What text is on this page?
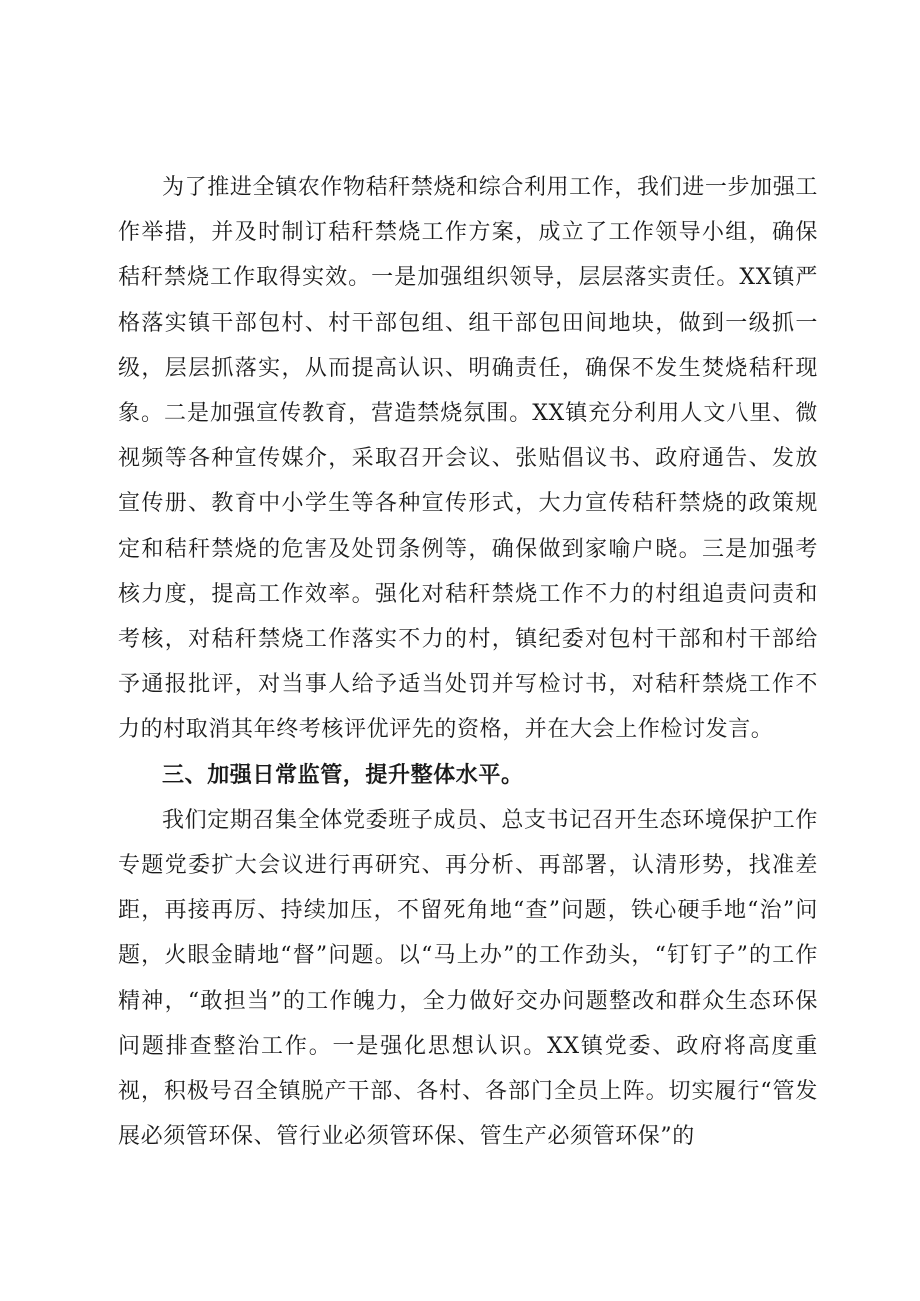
为了推进全镇农作物秸秆禁烧和综合利用工作，我们进一步加强工作举措，并及时制订秸秆禁烧工作方案，成立了工作领导小组，确保秸秆禁烧工作取得实效。一是加强组织领导，层层落实责任。XX镇严格落实镇干部包村、村干部包组、组干部包田间地块，做到一级抓一级，层层抓落实，从而提高认识、明确责任，确保不发生焚烧秸秆现象。二是加强宣传教育，营造禁烧氛围。XX镇充分利用人文八里、微视频等各种宣传媒介，采取召开会议、张贴倡议书、政府通告、发放宣传册、教育中小学生等各种宣传形式，大力宣传秸秆禁烧的政策规定和秸秆禁烧的危害及处罚条例等，确保做到家喻户晓。三是加强考核力度，提高工作效率。强化对秸秆禁烧工作不力的村组追责问责和考核，对秸秆禁烧工作落实不力的村，镇纪委对包村干部和村干部给予通报批评，对当事人给予适当处罚并写检讨书，对秸秆禁烧工作不力的村取消其年终考核评优评先的资格，并在大会上作检讨发言。

三、加强日常监管，提升整体水平。

我们定期召集全体党委班子成员、总支书记召开生态环境保护工作专题党委扩大会议进行再研究、再分析、再部署，认清形势，找准差距，再接再厉、持续加压，不留死角地“查”问题，铁心硬手地“治”问题，火眼金睛地“督”问题。以“马上办”的工作劲头，“钉钉子”的工作精神，“敢担当”的工作魄力，全力做好交办问题整改和群众生态环保问题排查整治工作。一是强化思想认识。XX镇党委、政府将高度重视，积极号召全镇脱产干部、各村、各部门全员上阵。切实履行“管发展必须管环保、管行业必须管环保、管生产必须管环保”的
